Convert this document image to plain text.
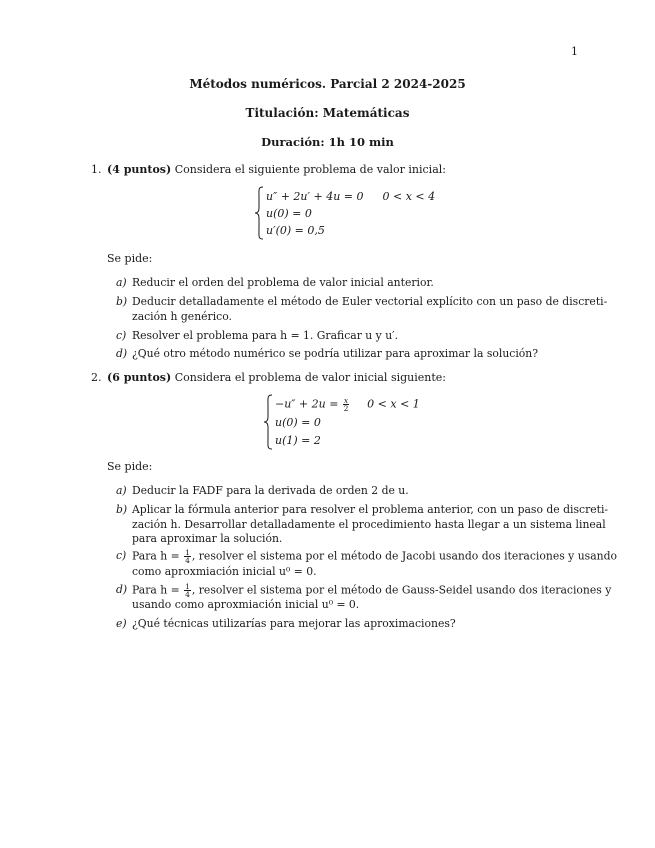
1
Métodos numéricos. Parcial 2 2024-2025
Titulación: Matemáticas
Duración: 1h 10 min
1. (4 puntos) Considera el siguiente problema de valor inicial:
u″ + 2u′ + 4u = 0 0 < x < 4
u(0) = 0
u′(0) = 0,5
Se pide:
a) Reducir el orden del problema de valor inicial anterior.
b) Deducir detalladamente el método de Euler vectorial explícito con un paso de discreti-
zación h genérico.
c) Resolver el problema para h = 1. Graficar u y u′.
d) ¿Qué otro método numérico se podría utilizar para aproximar la solución?
2. (6 puntos) Considera el problema de valor inicial siguiente:
$-u'' + 2u = \frac{x}{2} 0 < x < 1$
u(0) = 0
u(1) = 2
Se pide:
a) Deducir la FADF para la derivada de orden 2 de u.
b) Aplicar la fórmula anterior para resolver el problema anterior, con un paso de discreti-
zación h. Desarrollar detalladamente el procedimiento hasta llegar a un sistema lineal
para aproximar la solución.
c) Para $h = \frac{1}{4}$ , resolver el sistema por el método de Jacobi usando dos iteraciones y usando
como aproxmiación inicial u⁰ = 0.
d) Para $h = \frac{1}{4}$ , resolver el sistema por el método de Gauss-Seidel usando dos iteraciones y
usando como aproxmiación inicial u⁰ = 0.
e) ¿Qué técnicas utilizarías para mejorar las aproximaciones?
